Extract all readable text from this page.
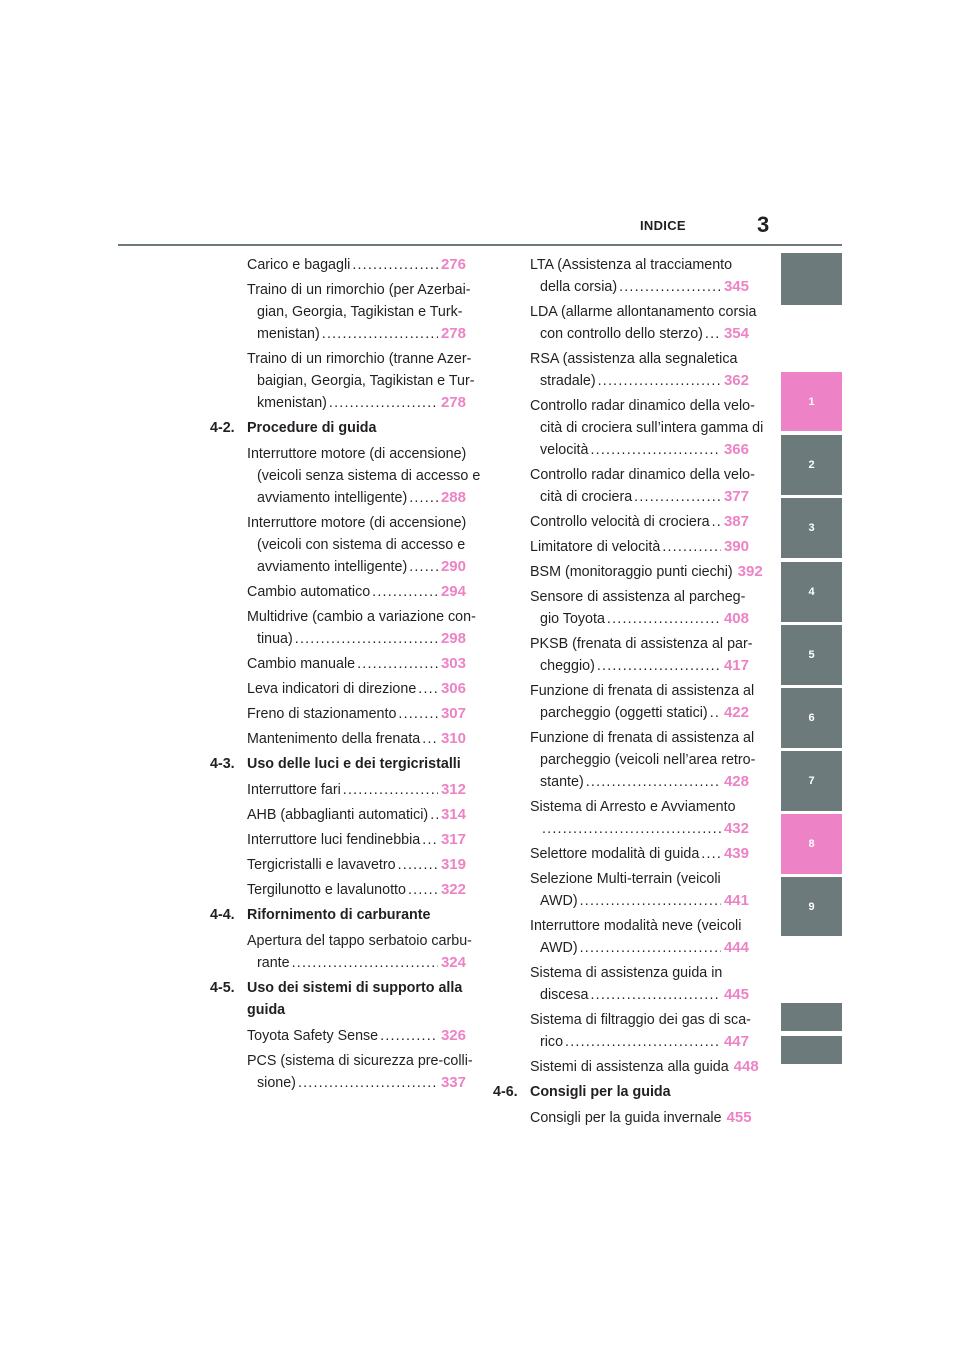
INDICE	3
1
2
3
4
5
6
7
8
9
Carico e bagagli .....	276
Traino di un rimorchio (per Azerbai-
gian, Georgia, Tagikistan e Turk-
menistan) .....	278
Traino di un rimorchio (tranne Azer-
baigian, Georgia, Tagikistan e Tur-
kmenistan) .....	278
4-2. Procedure di guida
Interruttore motore (di accensione)
(veicoli senza sistema di accesso e
avviamento intelligente) ..... 288
Interruttore motore (di accensione)
(veicoli con sistema di accesso e
avviamento intelligente) ..... 290
Cambio automatico .....	294
Multidrive (cambio a variazione con-
tinua) .....	298
Cambio manuale .....	303
Leva indicatori di direzione ..... 306
Freno di stazionamento .....	307
Mantenimento della frenata ..... 310
4-3. Uso delle luci e dei tergicristalli
Interruttore fari .....	312
AHB (abbaglianti automatici) ..... 314
Interruttore luci fendinebbia ..... 317
Tergicristalli e lavavetro .....	319
Tergilunotto e lavalunotto ..... 322
4-4. Rifornimento di carburante
Apertura del tappo serbatoio carbu-
rante .....	324
4-5. Uso dei sistemi di supporto alla
guida
Toyota Safety Sense .....	326
PCS (sistema di sicurezza pre-colli-
sione) .....	337
LTA (Assistenza al tracciamento
della corsia) .....	345
LDA (allarme allontanamento corsia
con controllo dello sterzo) ..... 354
RSA (assistenza alla segnaletica
stradale) .....	362
Controllo radar dinamico della velo-
cità di crociera sull’intera gamma di
velocità .....	366
Controllo radar dinamico della velo-
cità di crociera .....	377
Controllo velocità di crociera ..... 387
Limitatore di velocità .....	390
BSM (monitoraggio punti ciechi) 392
Sensore di assistenza al parcheg-
gio Toyota .....	408
PKSB (frenata di assistenza al par-
cheggio) .....	417
Funzione di frenata di assistenza al
parcheggio (oggetti statici) ..... 422
Funzione di frenata di assistenza al
parcheggio (veicoli nell’area retro-
stante) .....	428
Sistema di Arresto e Avviamento
.....
432
Selettore modalità di guida ..... 439
Selezione Multi-terrain (veicoli
AWD) .....	441
Interruttore modalità neve (veicoli
AWD) .....	444
Sistema di assistenza guida in
discesa .....	445
Sistema di filtraggio dei gas di sca-
rico .....	447
Sistemi di assistenza alla guida 448
4-6. Consigli per la guida
Consigli per la guida invernale 455
